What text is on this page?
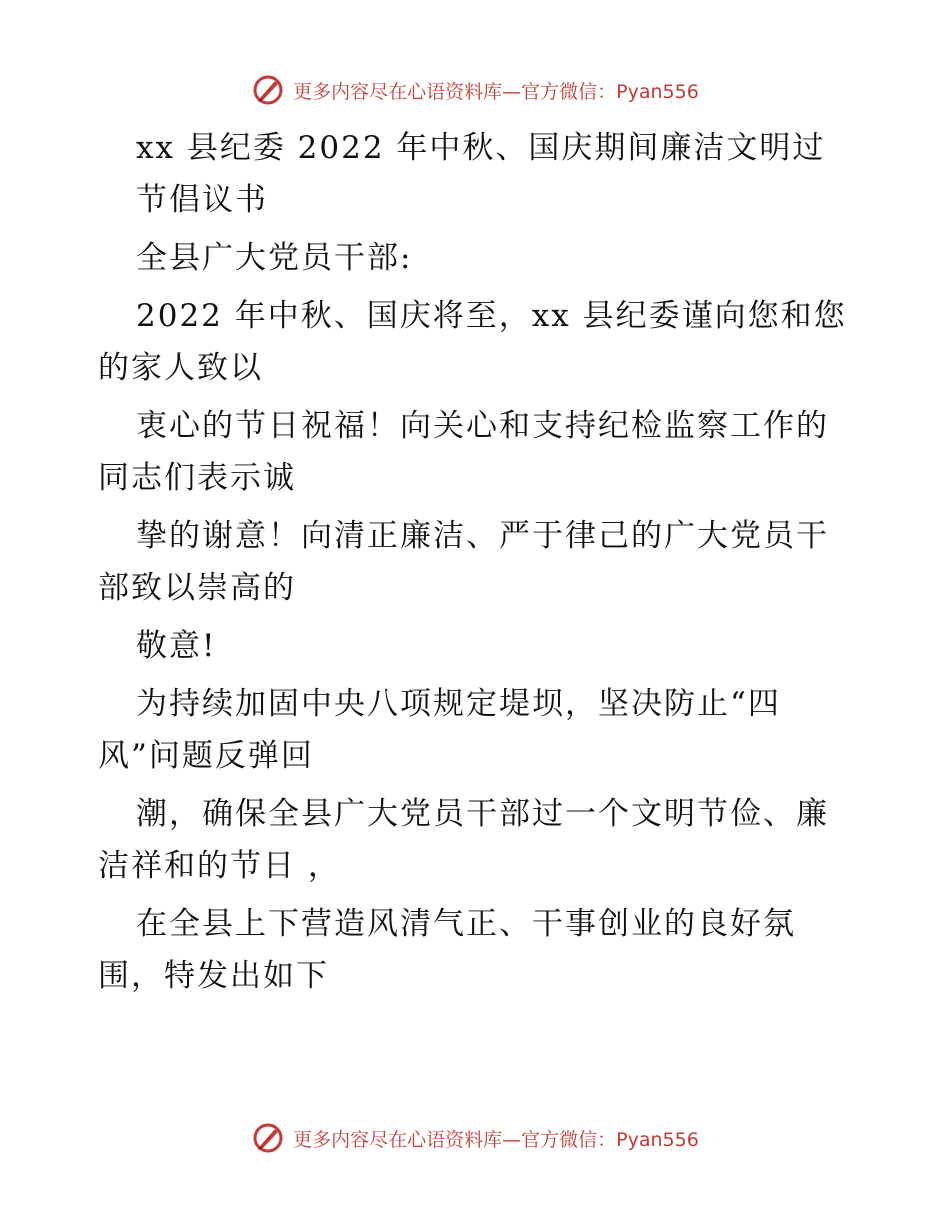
更多内容尽在心语资料库—官方微信：Pyan556
xx 县纪委 2022 年中秋、国庆期间廉洁文明过
节倡议书
全县广大党员干部:
2022 年中秋、国庆将至，xx 县纪委谨向您和您
的家人致以
衷心的节日祝福！向关心和支持纪检监察工作的
同志们表示诚
挚的谢意！向清正廉洁、严于律己的广大党员干
部致以崇高的
敬意!
为持续加固中央八项规定堤坝，坚决防止“四
风”问题反弹回
潮，确保全县广大党员干部过一个文明节俭、廉
洁祥和的节日 ，
在全县上下营造风清气正、干事创业的良好氛
围，特发出如下
更多内容尽在心语资料库—官方微信：Pyan556
